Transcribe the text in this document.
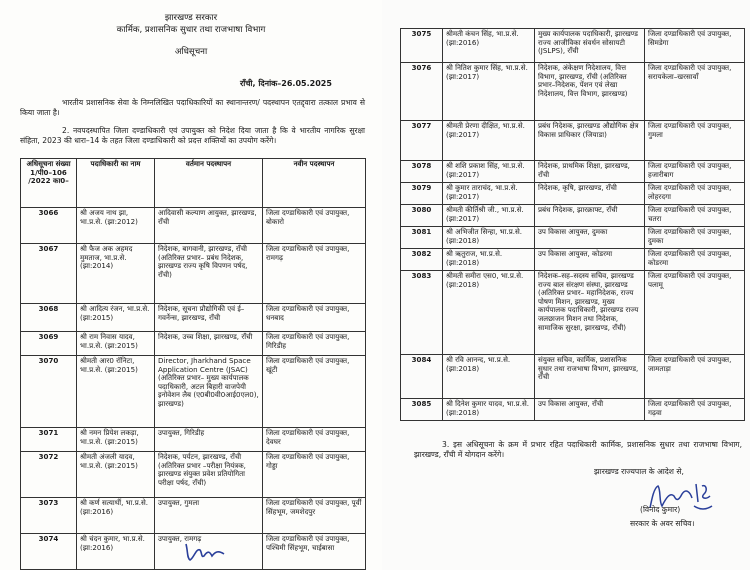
झारखण्ड सरकार
कार्मिक, प्रशासनिक सुधार तथा राजभाषा विभाग
अधिसूचना
राँची, दिनांक–26.05.2025
भारतीय प्रशासनिक सेवा के निम्नलिखित पदाधिकारियों का स्थानान्तरण/ पदस्थापन एतद्द्वारा तत्काल प्रभाव से किया जाता है।
2. नवपदस्थापित जिला दण्डाधिकारी एवं उपायुक्त को निदेश दिया जाता है कि वे भारतीय नागरिक सुरक्षा संहिता, 2023 की धारा–14 के तहत जिला दण्डाधिकारी को प्रदत्त शक्तियों का उपयोग करेंगे।
अधिसूचना संख्या 1/पी0–106 /2022 का0–	पदाधिकारी का नाम	वर्तमान पदस्थापन	नवीन पदस्थापन
3066	श्री अजय नाथ झा, भा.प्र.से. (झा:2012)	आदिवासी कल्याण आयुक्त, झारखण्ड, राँची	जिला दण्डाधिकारी एवं उपायुक्त, बोकारो
3067	श्री फैज अक अहमद मुमताज, भा.प्र.से. (झा:2014)	निदेशक, बागवानी, झारखण्ड, राँची (अतिरिक्त प्रभार– प्रबंध निदेशक, झारखण्ड राज्य कृषि विपणन पर्षद, राँची)	जिला दण्डाधिकारी एवं उपायुक्त, रामगढ़
3068	श्री आदित्य रंजन, भा.प्र.से. (झा:2015)	निदेशक, सूचना प्रौद्योगिकी एवं ई–गवर्नेन्स, झारखण्ड, राँची	जिला दण्डाधिकारी एवं उपायुक्त, धनबाद
3069	श्री राम निवास यादव, भा.प्र.से. (झा:2015)	निदेशक, उच्च शिक्षा, झारखण्ड, राँची	जिला दण्डाधिकारी एवं उपायुक्त, गिरिडीह
3070	श्रीमती आर0 रॉनिटा, भा.प्र.से. (झा:2015)	Director, Jharkhand Space Application Centre (JSAC) (अतिरिक्त प्रभार– मुख्य कार्यपालक पदाधिकारी, अटल बिहारी वाजपेयी इनोवेशन लैब (ए0बी0वी0आई0एल0), झारखण्ड)	जिला दण्डाधिकारी एवं उपायुक्त, खूंटी
3071	श्री नमन प्रियेश लकड़ा, भा.प्र.से. (झा:2015)	उपायुक्त, गिरिडीह	जिला दण्डाधिकारी एवं उपायुक्त, देवघर
3072	श्रीमती अंजली यादव, भा.प्र.से. (झा:2015)	निदेशक, पर्यटन, झारखण्ड, राँची (अतिरिक्त प्रभार –परीक्षा नियंत्रक, झारखण्ड संयुक्त प्रवेश प्रतियोगिता परीक्षा पर्षद, राँची)	जिला दण्डाधिकारी एवं उपायुक्त, गोड्डा
3073	श्री कर्ण सत्यार्थी, भा.प्र.से. (झा:2016)	उपायुक्त, गुमला	जिला दण्डाधिकारी एवं उपायुक्त, पूर्वी सिंहभूम, जमशेदपुर
3074	श्री चंदन कुमार, भा.प्र.से. (झा:2016)	उपायुक्त, रामगढ़	जिला दण्डाधिकारी एवं उपायुक्त, पश्चिमी सिंहभूम, चाईबासा
3075	श्रीमती कंचन सिंह, भा.प्र.से. (झा:2016)	मुख्य कार्यपालक पदाधिकारी, झारखण्ड राज्य आजीविका संवर्धन सोसायटी (JSLPS), राँची	जिला दण्डाधिकारी एवं उपायुक्त, सिमडेगा
3076	श्री नितिश कुमार सिंह, भा.प्र.से. (झा:2017)	निदेशक, अंकेक्षण निदेशालय, वित्त विभाग, झारखण्ड, राँची (अतिरिक्त प्रभार–निदेशक, पेंशन एवं लेखा निदेशालय, वित्त विभाग, झारखण्ड)	जिला दण्डाधिकारी एवं उपायुक्त, सरायकेला–खरसावाँ
3077	श्रीमती प्रेरणा दीक्षित, भा.प्र.से. (झा:2017)	प्रबंध निदेशक, झारखण्ड औद्योगिक क्षेत्र विकास प्राधिकार (जियाडा)	जिला दण्डाधिकारी एवं उपायुक्त, गुमला
3078	श्री शशि प्रकाश सिंह, भा.प्र.से. (झा:2017)	निदेशक, प्राथमिक शिक्षा, झारखण्ड, राँची	जिला दण्डाधिकारी एवं उपायुक्त, हजारीबाग
3079	श्री कुमार ताराचंद, भा.प्र.से. (झा:2017)	निदेशक, कृषि, झारखण्ड, राँची	जिला दण्डाधिकारी एवं उपायुक्त, लोहरदगा
3080	श्रीमती कीर्तिश्री जी., भा.प्र.से.(झा:2017)	प्रबंध निदेशक, झारक्राफ्ट, राँची	जिला दण्डाधिकारी एवं उपायुक्त, चतरा
3081	श्री अभिजीत सिन्हा, भा.प्र.से. (झा:2018)	उप विकास आयुक्त, दुमका	जिला दण्डाधिकारी एवं उपायुक्त, दुमका
3082	श्री ऋतुराज, भा.प्र.से. (झा:2018)	उप विकास आयुक्त, कोडरमा	जिला दण्डाधिकारी एवं उपायुक्त, कोडरमा
3083	श्रीमती समीरा एस0, भा.प्र.से. (झा:2018)	निदेशक–सह–सदस्य सचिव, झारखण्ड राज्य बाल संरक्षण संस्था, झारखण्ड (अतिरिक्त प्रभार– महानिदेशक, राज्य पोषण मिशन, झारखण्ड, मुख्य कार्यपालक पदाधिकारी, झारखण्ड राज्य जलछाजन मिशन तथा निदेशक, सामाजिक सुरक्षा, झारखण्ड, राँची)	जिला दण्डाधिकारी एवं उपायुक्त, पलामू
3084	श्री रवि आनन्द, भा.प्र.से. (झा:2018)	संयुक्त सचिव, कार्मिक, प्रशासनिक सुधार तथा राजभाषा विभाग, झारखण्ड, राँची	जिला दण्डाधिकारी एवं उपायुक्त, जामताड़ा
3085	श्री दिनेश कुमार यादव, भा.प्र.से. (झा:2018)	उप विकास आयुक्त, राँची	जिला दण्डाधिकारी एवं उपायुक्त, गढ़वा
3. इस अधिसूचना के क्रम में प्रभार रहित पदाधिकारी कार्मिक, प्रशासनिक सुधार तथा राजभाषा विभाग, झारखण्ड, राँची में योगदान करेंगे।
झारखण्ड राज्यपाल के आदेश से,
(विनोद कुमार)
सरकार के अवर सचिव।
